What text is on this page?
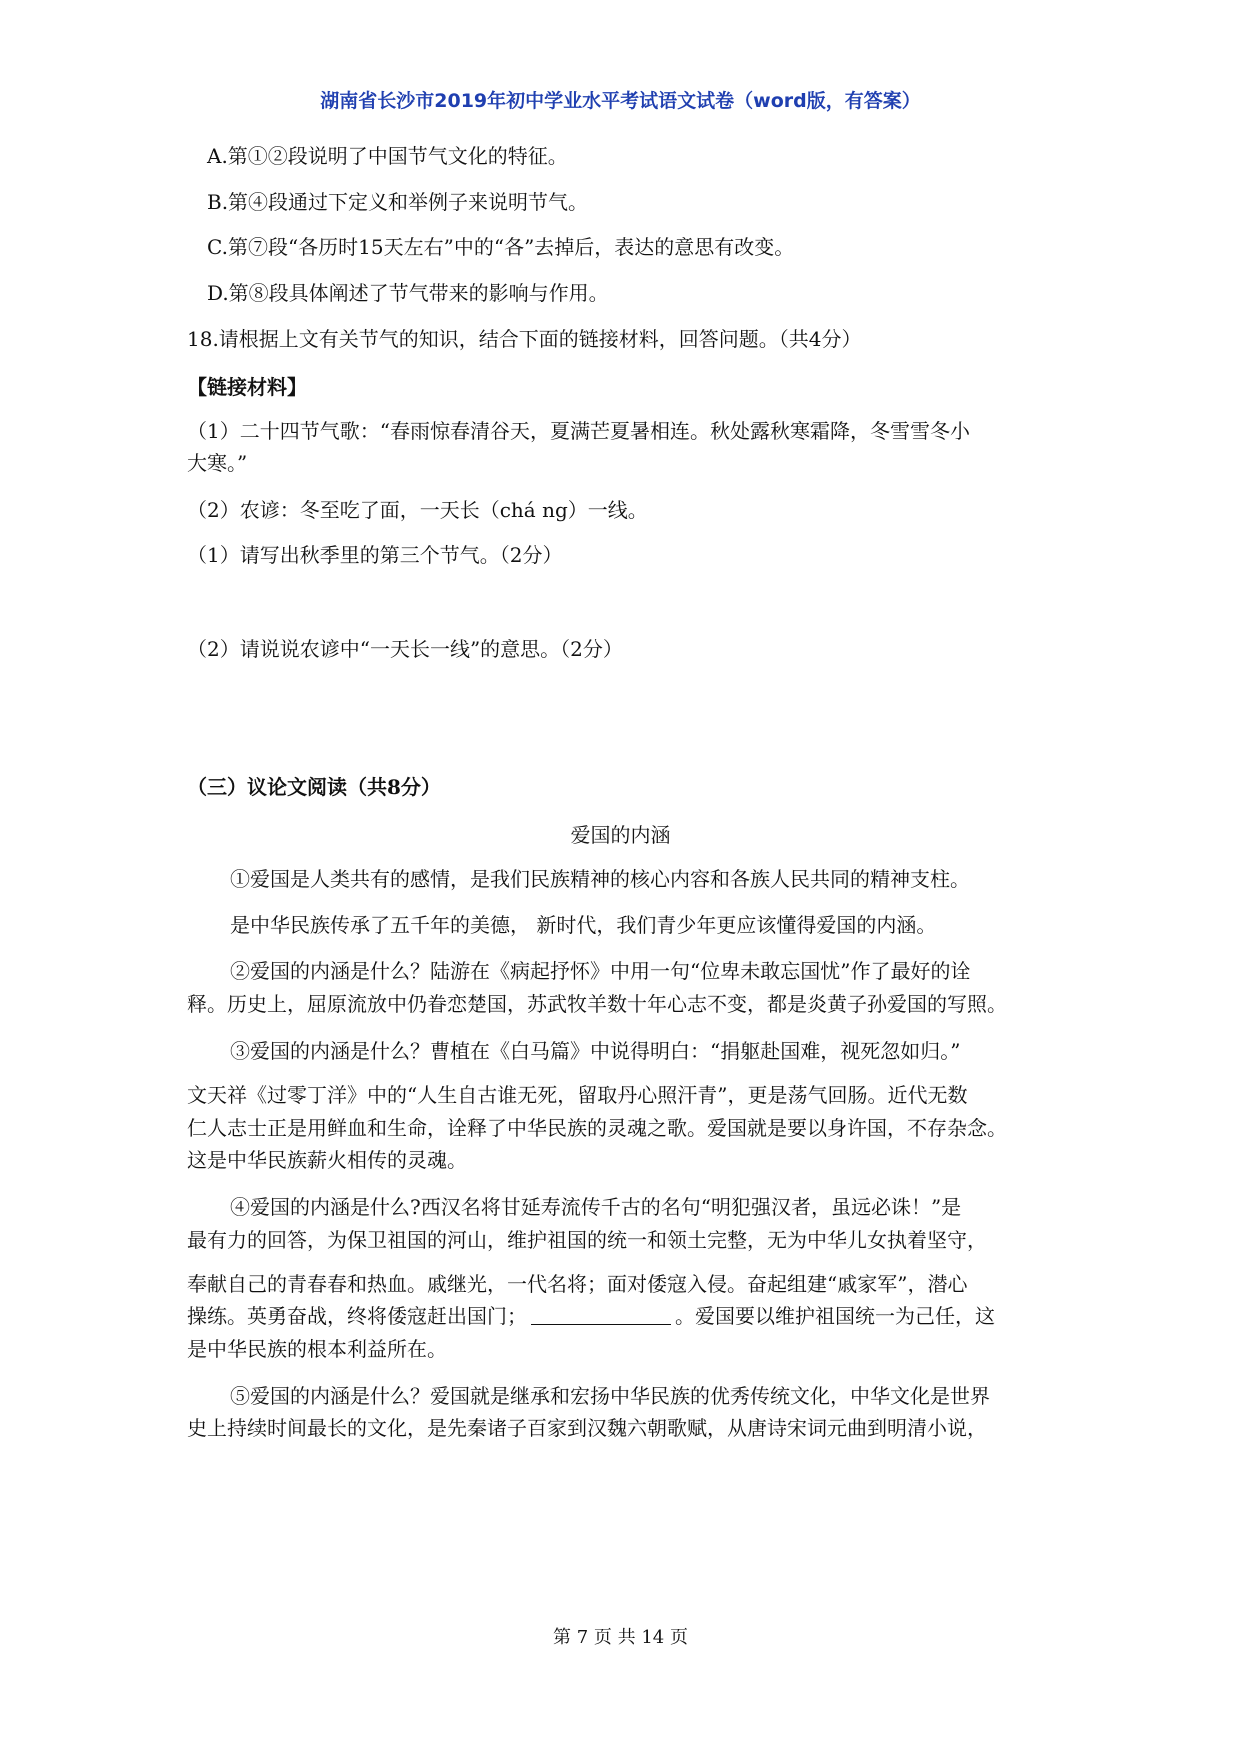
湖南省长沙市2019年初中学业水平考试语文试卷（word版，有答案）
A.第①②段说明了中国节气文化的特征。
B.第④段通过下定义和举例子来说明节气。
C.第⑦段“各历时15天左右”中的“各”去掉后，表达的意思有改变。
D.第⑧段具体阐述了节气带来的影响与作用。
18.请根据上文有关节气的知识，结合下面的链接材料，回答问题。（共4分）
【链接材料】
（1）二十四节气歌：“春雨惊春清谷天，夏满芒夏暑相连。秋处露秋寒霜降，冬雪雪冬小
大寒。”
（2）农谚：冬至吃了面，一天长（chá ng）一线。
（1）请写出秋季里的第三个节气。（2分）
（2）请说说农谚中“一天长一线”的意思。（2分）
（三）议论文阅读（共8分）
爱国的内涵
①爱国是人类共有的感情，是我们民族精神的核心内容和各族人民共同的精神支柱。
是中华民族传承了五千年的美德， 新时代，我们青少年更应该懂得爱国的内涵。
②爱国的内涵是什么？陆游在《病起抒怀》中用一句“位卑未敢忘国忧”作了最好的诠
释。历史上，屈原流放中仍眷恋楚国，苏武牧羊数十年心志不变，都是炎黄子孙爱国的写照。
③爱国的内涵是什么？曹植在《白马篇》中说得明白：“捐躯赴国难，视死忽如归。”
文天祥《过零丁洋》中的“人生自古谁无死，留取丹心照汗青”，更是荡气回肠。近代无数
仁人志士正是用鲜血和生命，诠释了中华民族的灵魂之歌。爱国就是要以身许国，不存杂念。
这是中华民族薪火相传的灵魂。
④爱国的内涵是什么?西汉名将甘延寿流传千古的名句“明犯强汉者，虽远必诛！”是
最有力的回答，为保卫祖国的河山，维护祖国的统一和领土完整，无为中华儿女执着坚守，
奉献自己的青春春和热血。戚继光，一代名将；面对倭寇入侵。奋起组建“戚家军”，潜心
操练。英勇奋战，终将倭寇赶出国门；	。爱国要以维护祖国统一为己任，这
是中华民族的根本利益所在。
⑤爱国的内涵是什么？爱国就是继承和宏扬中华民族的优秀传统文化，中华文化是世界
史上持续时间最长的文化，是先秦诸子百家到汉魏六朝歌赋，从唐诗宋词元曲到明清小说，
第 7 页 共 14 页
